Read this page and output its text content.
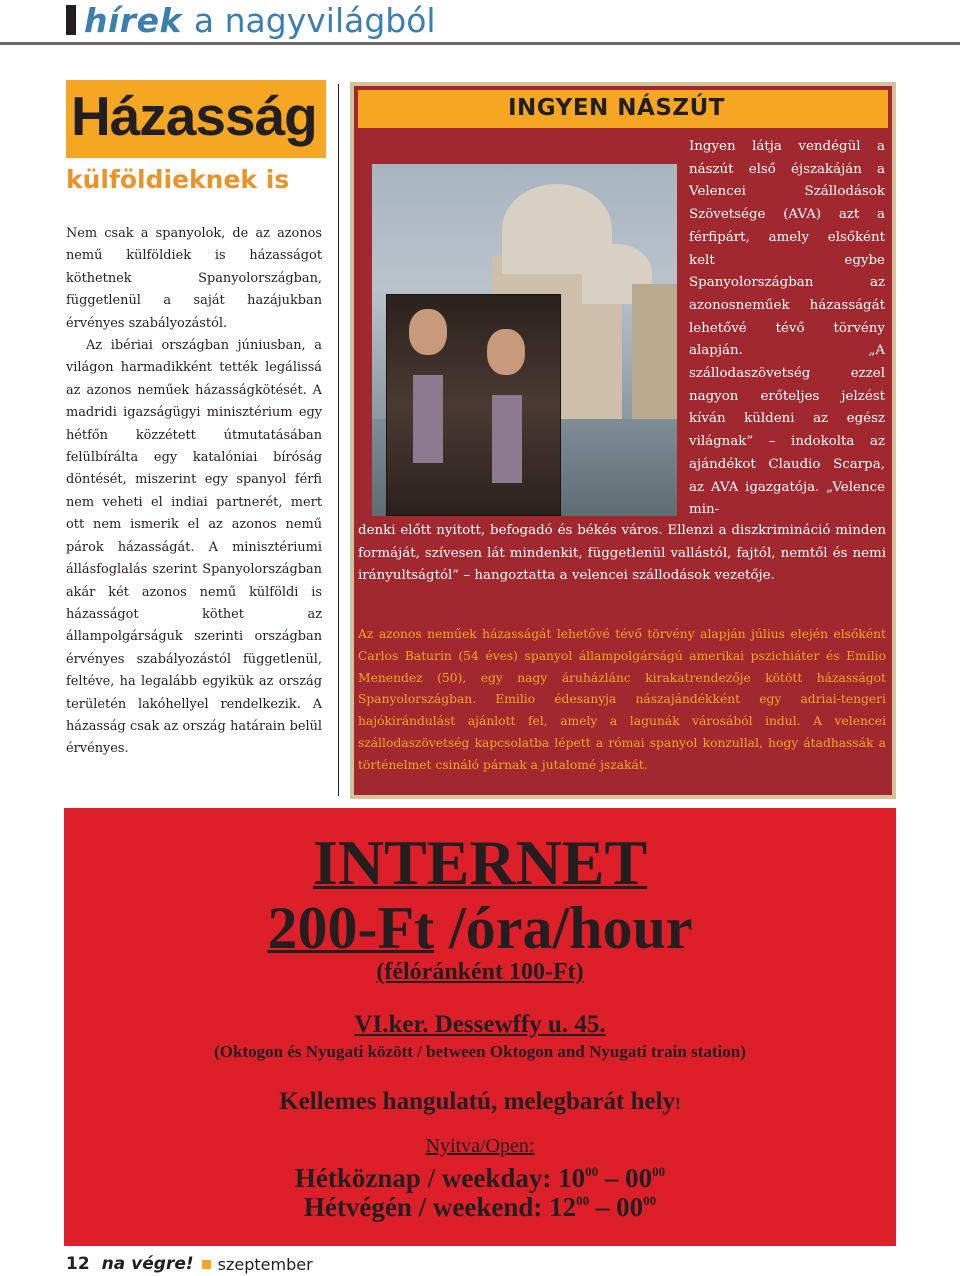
hírek a nagyvilágból
Házasság
külföldieknek is

Nem csak a spanyolok, de az azonos nemű külföldiek is házasságot köthetnek Spanyolországban, függetlenül a saját hazájukban érvényes szabályozástól.

Az ibériai országban júniusban, a világon harmadikként tették legálissá az azonos neműek házasságkötését. A madridi igazságügyi minisztérium egy hétfőn közzétett útmutatásában felülbírálta egy katalóniai bíróság döntését, miszerint egy spanyol férfi nem veheti el indiai partnerét, mert ott nem ismerik el az azonos nemű párok házasságát. A minisztériumi állásfoglalás szerint Spanyolországban akár két azonos nemű külföldi is házasságot köthet az állampolgárságuk szerinti országban érvényes szabályozástól függetlenül, feltéve, ha legalább egyikük az ország területén lakóhellyel rendelkezik. A házasság csak az ország határain belül érvényes.

INGYEN NÁSZÚT
Ingyen látja vendégül a nászút első éjszakáján a Velencei Szállodások Szövetsége (AVA) azt a férfipárt, amely elsőként kelt egybe Spanyolországban az azonosneműek házasságát lehetővé tévő törvény alapján. „A szállodaszövetség ezzel nagyon erőteljes jelzést kíván küldeni az egész világnak” – indokolta az ajándékot Claudio Scarpa, az AVA igazgatója. „Velence min-
denki előtt nyitott, befogadó és békés város. Ellenzi a diszkrimináció minden formáját, szívesen lát mindenkit, függetlenül vallástól, fajtól, nemtől és nemi irányultságtól” – hangoztatta a velencei szállodások vezetője.
Az azonos neműek házasságát lehetővé tévő törvény alapján július elején elsőként Carlos Baturin (54 éves) spanyol állampolgárságú amerikai pszichiáter és Emilio Menendez (50), egy nagy áruházlánc kirakatrendezője kötött házasságot Spanyolországban. Emilio édesanyja nászajándékként egy adriai-tengeri hajókirándulást ajánlott fel, amely a lagunák városából indul. A velencei szállodaszövetség kapcsolatba lépett a római spanyol konzullal, hogy átadhassák a történelmet csináló párnak a jutalomé jszakát.
INTERNET
200-Ft /óra/hour
(félóránként 100-Ft)
VI.ker. Dessewffy u. 45.
(Oktogon és Nyugati között / between Oktogon and Nyugati train station)
Kellemes hangulatú, melegbarát hely!
Nyitva/Open:
Hétköznap / weekday: $10^{00} - 00^{00}$
Hétvégén / weekend: $12^{00} - 00^{00}$
12 na végre! szeptember
